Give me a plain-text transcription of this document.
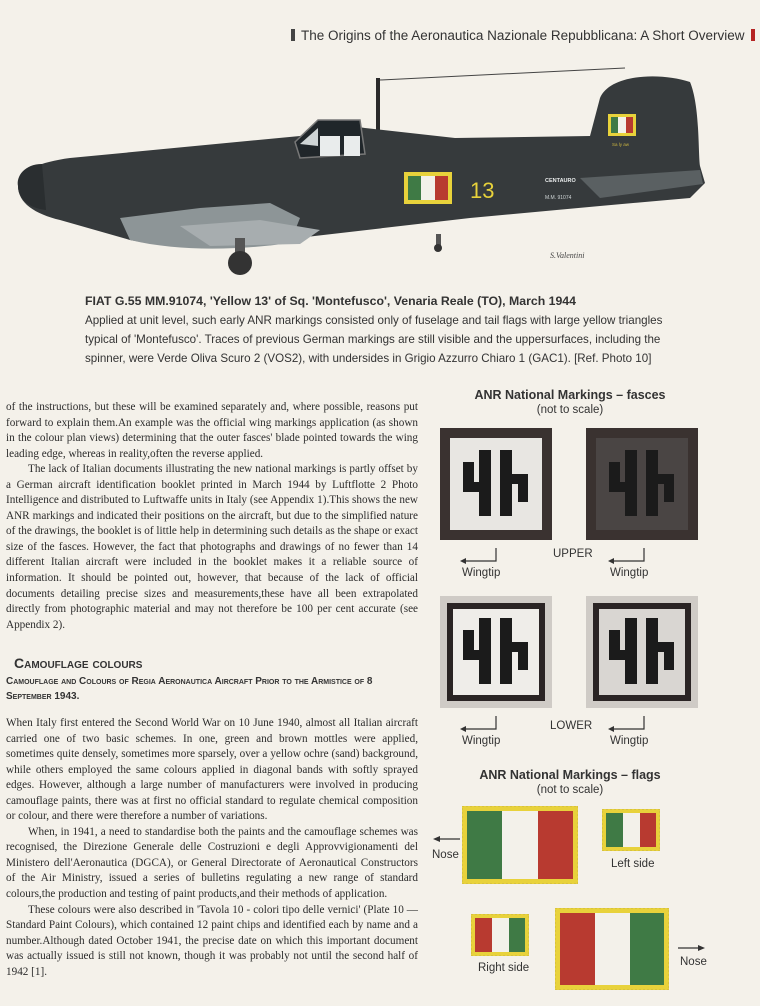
The Origins of the Aeronautica Nazionale Repubblicana: A Short Overview
13	CENTAURO
M.M. 91074
Sa ly aw
S.Valentini
FIAT G.55 MM.91074, 'Yellow 13' of Sq. 'Montefusco', Venaria Reale (TO), March 1944
Applied at unit level, such early ANR markings consisted only of fuselage and tail flags with large yellow triangles typical of 'Montefusco'. Traces of previous German markings are still visible and the uppersurfaces, including the spinner, were Verde Oliva Scuro 2 (VOS2), with undersides in Grigio Azzurro Chiaro 1 (GAC1). [Ref. Photo 10]

of the instructions, but these will be examined separately and, where possible, reasons put forward to explain them.An example was the official wing markings application (as shown in the colour plan views) determining that the outer fasces' blade pointed towards the wing leading edge, whereas in reality,often the reverse applied.

The lack of Italian documents illustrating the new national markings is partly offset by a German aircraft identification booklet printed in March 1944 by Luftflotte 2 Photo Intelligence and distributed to Luftwaffe units in Italy (see Appendix 1).This shows the new ANR markings and indicated their positions on the aircraft, but due to the simplified nature of the drawings, the booklet is of little help in determining such details as the shape or exact size of the fasces. However, the fact that photographs and drawings of no fewer than 14 different Italian aircraft were included in the booklet makes it a reliable source of information. It should be pointed out, however, that because of the lack of official documents detailing precise sizes and measurements,these have all been extrapolated directly from photographic material and may not therefore be 100 per cent accurate (see Appendix 2).

Camouflage colours
Camouflage and Colours of Regia Aeronautica Aircraft Prior to the Armistice of 8 September 1943.

When Italy first entered the Second World War on 10 June 1940, almost all Italian aircraft carried one of two basic schemes. In one, green and brown mottles were applied, sometimes quite densely, sometimes more sparsely, over a yellow ochre (sand) background, while others employed the same colours applied in diagonal bands with softly sprayed edges. However, although a large number of manufacturers were involved in producing camouflage paints, there was at first no official standard to regulate chemical composition or colour, and there were therefore a number of variations.

When, in 1941, a need to standardise both the paints and the camouflage schemes was recognised, the Direzione Generale delle Costruzioni e degli Approvvigionamenti del Ministero dell'Aeronautica (DGCA), or General Directorate of Aeronautical Constructors of the Air Ministry, issued a series of bulletins regulating a new range of standard colours,the production and testing of paint products,and their methods of application.

These colours were also described in 'Tavola 10 - colori tipo delle vernici' (Plate 10 — Standard Paint Colours), which contained 12 paint chips and identified each by name and a number.Although dated October 1941, the precise date on which this important document was actually issued is still not known, though it was probably not until the second half of 1942 [1].

ANR National Markings – fasces
(not to scale)
Wingtip	Wingtip
UPPER
Wingtip	Wingtip
LOWER
ANR National Markings – flags
(not to scale)
Nose
Left side
Nose
Right side
